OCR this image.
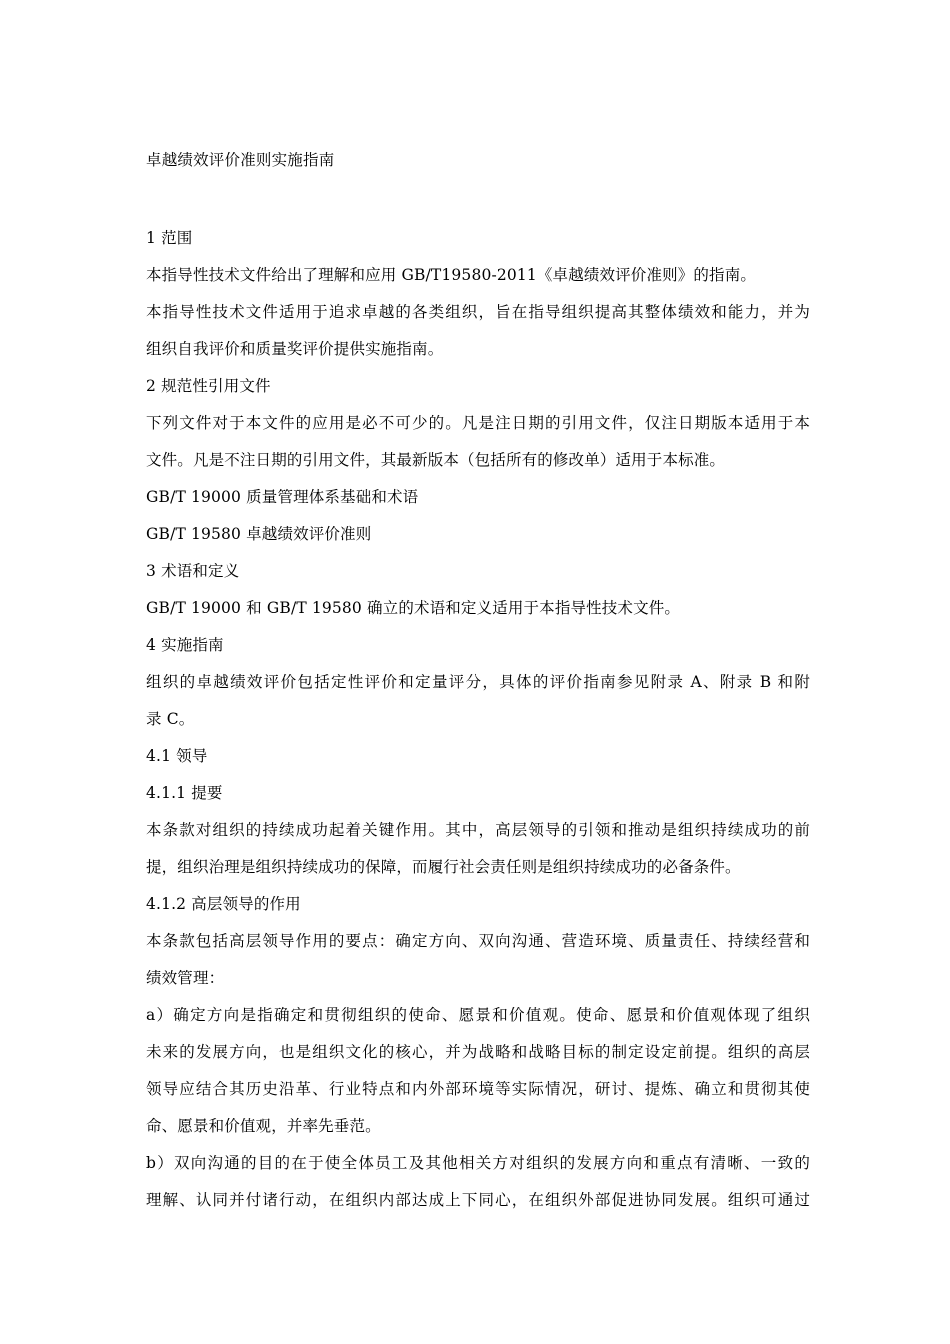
卓越绩效评价准则实施指南
1 范围
本指导性技术文件给出了理解和应用 GB/T19580-2011《卓越绩效评价准则》的指南。
本指导性技术文件适用于追求卓越的各类组织，旨在指导组织提高其整体绩效和能力，并为
组织自我评价和质量奖评价提供实施指南。
2 规范性引用文件
下列文件对于本文件的应用是必不可少的。凡是注日期的引用文件，仅注日期版本适用于本
文件。凡是不注日期的引用文件，其最新版本（包括所有的修改单）适用于本标准。
GB/T 19000 质量管理体系基础和术语
GB/T 19580 卓越绩效评价准则
3 术语和定义
GB/T 19000 和 GB/T 19580 确立的术语和定义适用于本指导性技术文件。
4 实施指南
组织的卓越绩效评价包括定性评价和定量评分，具体的评价指南参见附录 A、附录 B 和附
录 C。
4.1 领导
4.1.1 提要
本条款对组织的持续成功起着关键作用。其中，高层领导的引领和推动是组织持续成功的前
提，组织治理是组织持续成功的保障，而履行社会责任则是组织持续成功的必备条件。
4.1.2 高层领导的作用
本条款包括高层领导作用的要点：确定方向、双向沟通、营造环境、质量责任、持续经营和
绩效管理：
a）确定方向是指确定和贯彻组织的使命、愿景和价值观。使命、愿景和价值观体现了组织
未来的发展方向，也是组织文化的核心，并为战略和战略目标的制定设定前提。组织的高层
领导应结合其历史沿革、行业特点和内外部环境等实际情况，研讨、提炼、确立和贯彻其使
命、愿景和价值观，并率先垂范。
b）双向沟通的目的在于使全体员工及其他相关方对组织的发展方向和重点有清晰、一致的
理解、认同并付诸行动，在组织内部达成上下同心，在组织外部促进协同发展。组织可通过
